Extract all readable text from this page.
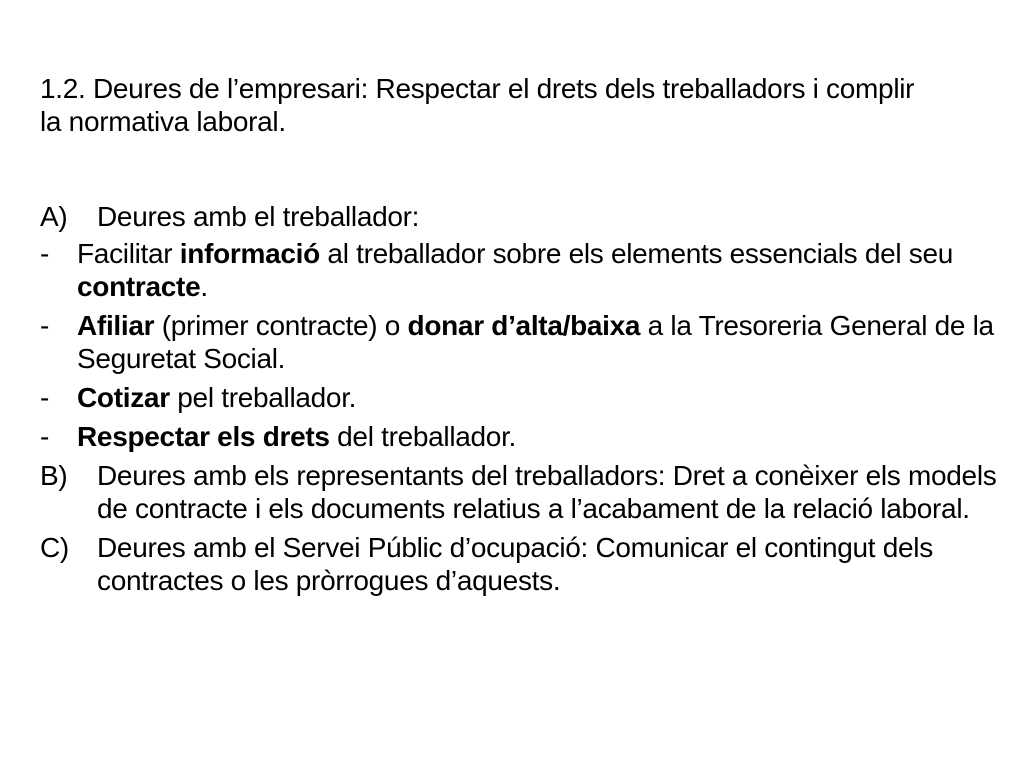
1.2. Deures de l’empresari: Respectar el drets dels treballadors i complir la normativa laboral.

A)	Deures amb el treballador:
- Facilitar informació al treballador sobre els elements essencials del seu contracte.
- Afiliar (primer contracte) o donar d’alta/baixa a la Tresoreria General de la Seguretat Social.
- Cotizar pel treballador.
- Respectar els drets del treballador.
B)	Deures amb els representants del treballadors: Dret a conèixer els models de contracte i els documents relatius a l’acabament de la relació laboral.
C)	Deures amb el Servei Públic d’ocupació: Comunicar el contingut dels contractes o les pròrrogues d’aquests.
